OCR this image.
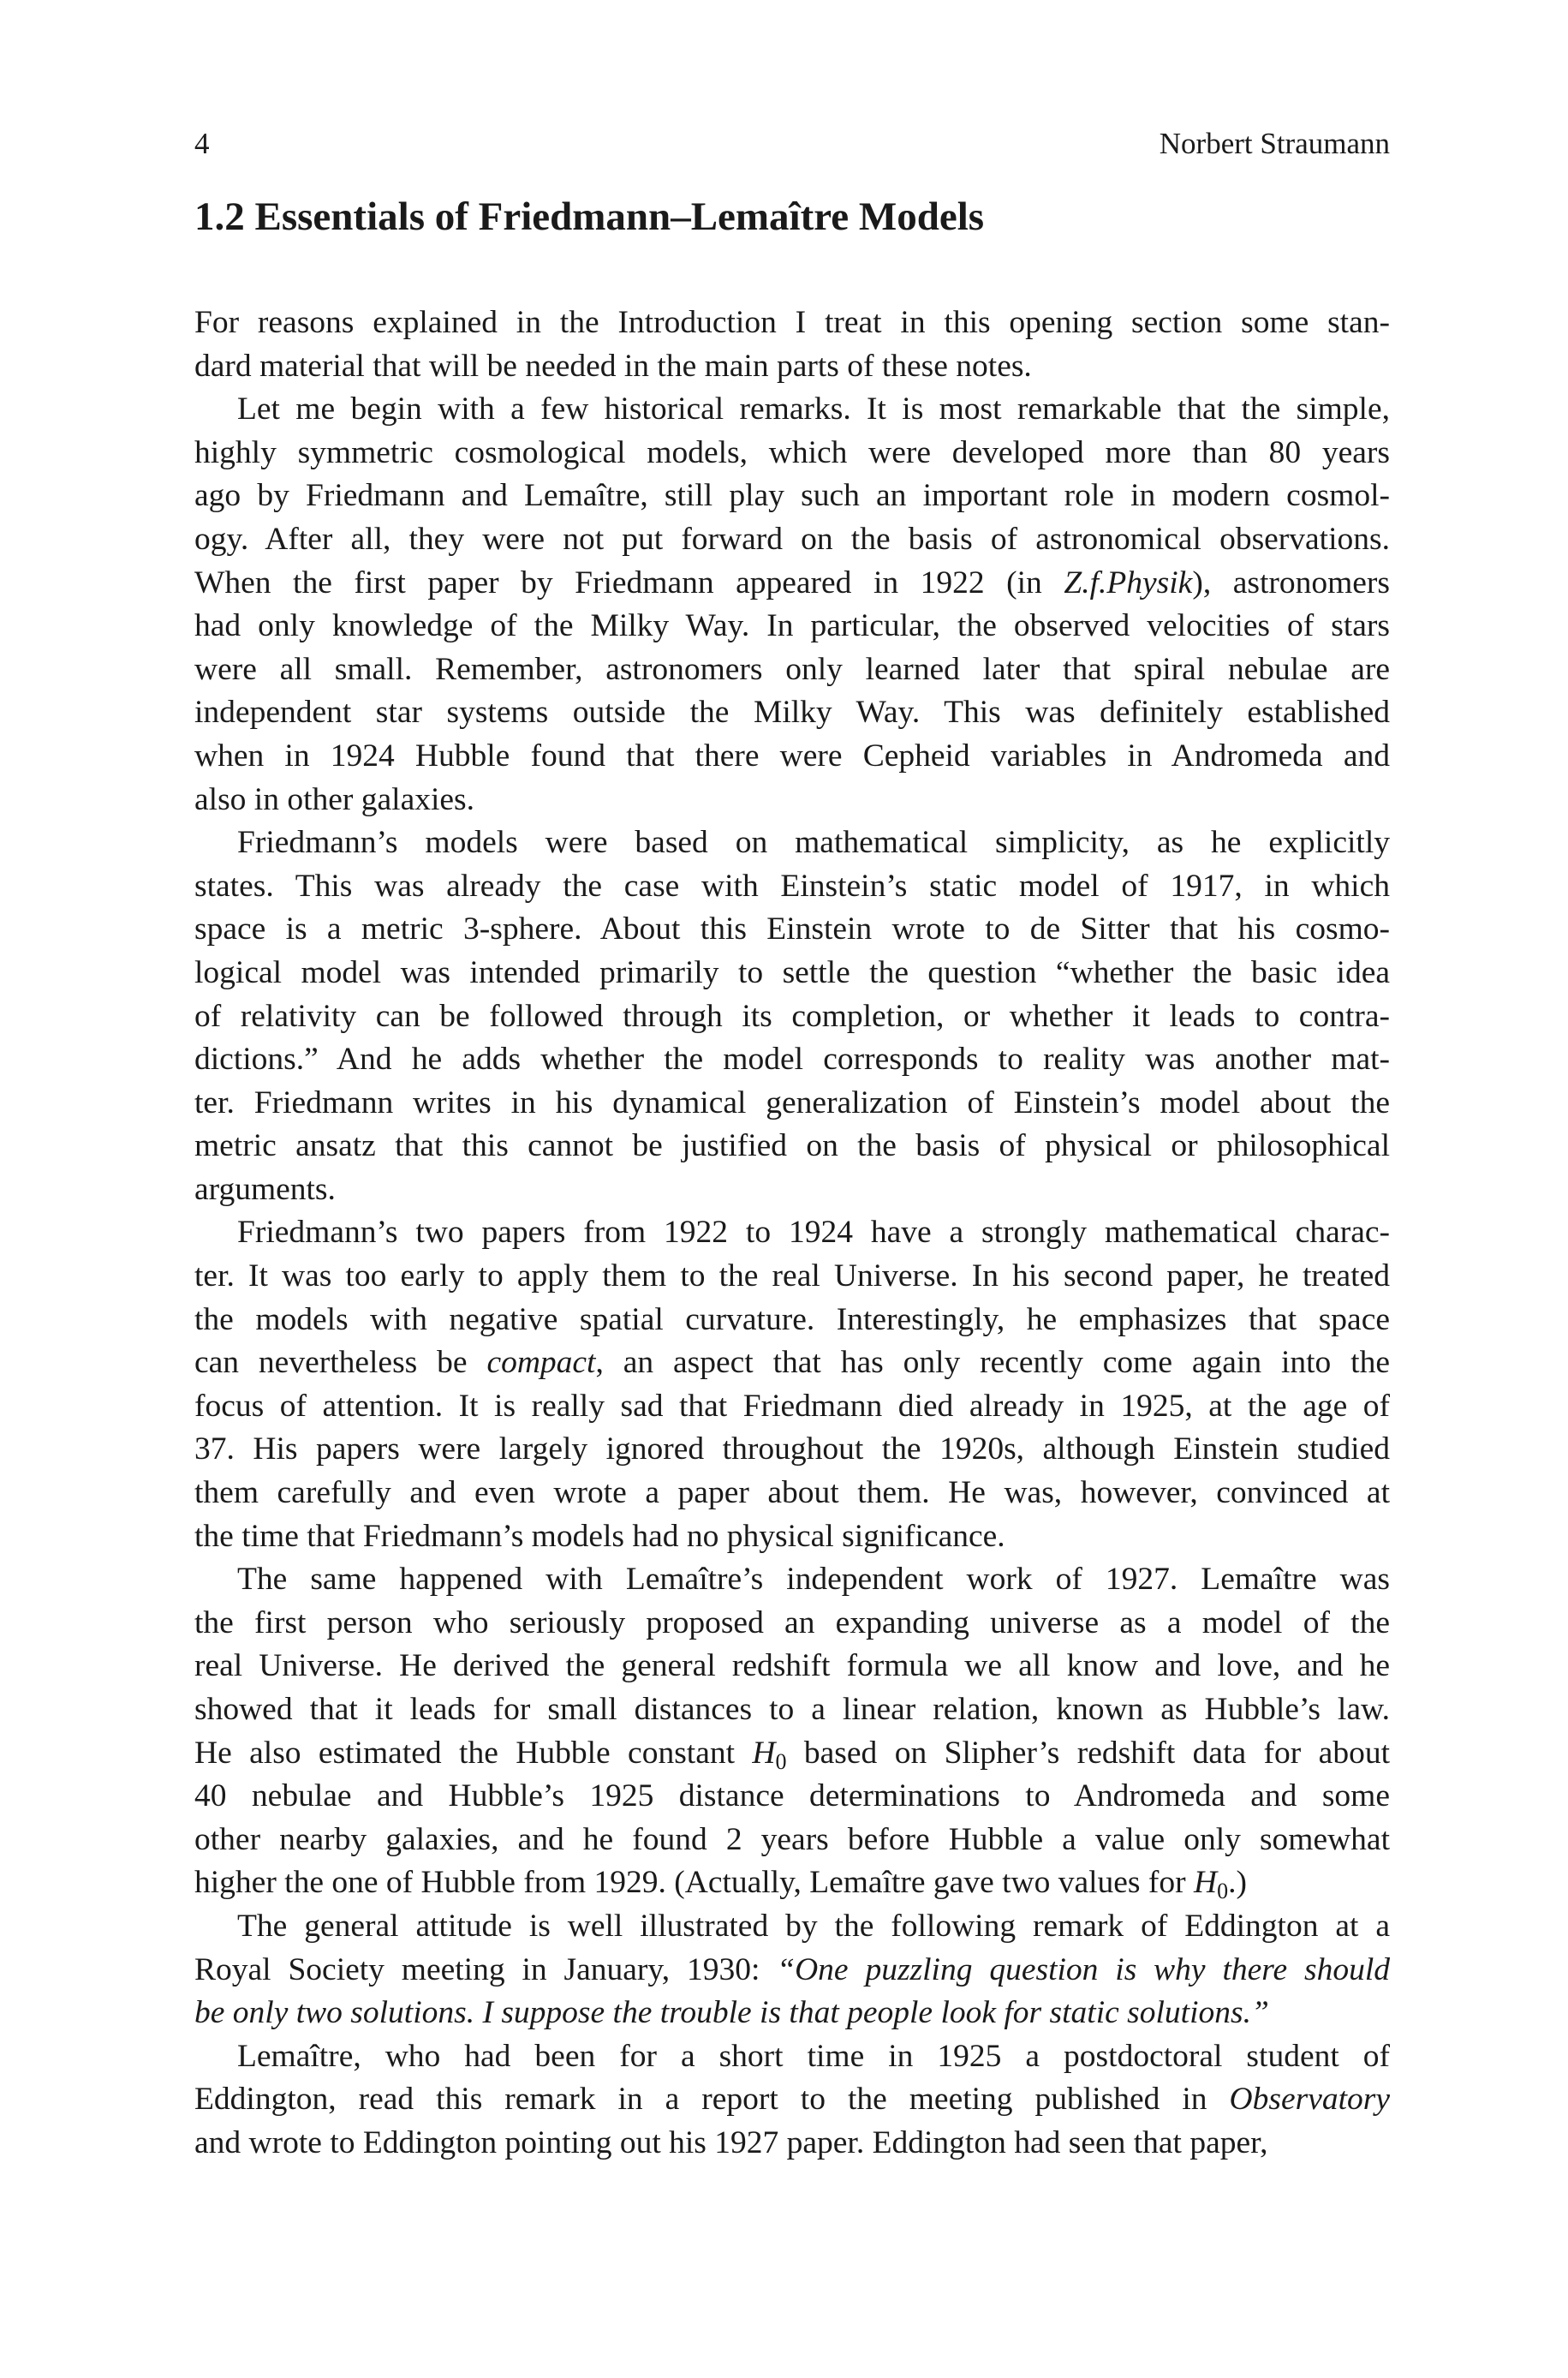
4	Norbert Straumann
1.2 Essentials of Friedmann–Lemaître Models
For reasons explained in the Introduction I treat in this opening section some stan-
dard material that will be needed in the main parts of these notes.
Let me begin with a few historical remarks. It is most remarkable that the simple,
highly symmetric cosmological models, which were developed more than 80 years
ago by Friedmann and Lemaître, still play such an important role in modern cosmol-
ogy. After all, they were not put forward on the basis of astronomical observations.
When the first paper by Friedmann appeared in 1922 (in Z.f.Physik), astronomers
had only knowledge of the Milky Way. In particular, the observed velocities of stars
were all small. Remember, astronomers only learned later that spiral nebulae are
independent star systems outside the Milky Way. This was definitely established
when in 1924 Hubble found that there were Cepheid variables in Andromeda and
also in other galaxies.
Friedmann’s models were based on mathematical simplicity, as he explicitly
states. This was already the case with Einstein’s static model of 1917, in which
space is a metric 3-sphere. About this Einstein wrote to de Sitter that his cosmo-
logical model was intended primarily to settle the question “whether the basic idea
of relativity can be followed through its completion, or whether it leads to contra-
dictions.” And he adds whether the model corresponds to reality was another mat-
ter. Friedmann writes in his dynamical generalization of Einstein’s model about the
metric ansatz that this cannot be justified on the basis of physical or philosophical
arguments.
Friedmann’s two papers from 1922 to 1924 have a strongly mathematical charac-
ter. It was too early to apply them to the real Universe. In his second paper, he treated
the models with negative spatial curvature. Interestingly, he emphasizes that space
can nevertheless be compact, an aspect that has only recently come again into the
focus of attention. It is really sad that Friedmann died already in 1925, at the age of
37. His papers were largely ignored throughout the 1920s, although Einstein studied
them carefully and even wrote a paper about them. He was, however, convinced at
the time that Friedmann’s models had no physical significance.
The same happened with Lemaître’s independent work of 1927. Lemaître was
the first person who seriously proposed an expanding universe as a model of the
real Universe. He derived the general redshift formula we all know and love, and he
showed that it leads for small distances to a linear relation, known as Hubble’s law.
He also estimated the Hubble constant $H_0$ based on Slipher’s redshift data for about
40 nebulae and Hubble’s 1925 distance determinations to Andromeda and some
other nearby galaxies, and he found 2 years before Hubble a value only somewhat
higher the one of Hubble from 1929. (Actually, Lemaître gave two values for $H_0$.)
The general attitude is well illustrated by the following remark of Eddington at a
Royal Society meeting in January, 1930: “One puzzling question is why there should
be only two solutions. I suppose the trouble is that people look for static solutions.”
Lemaître, who had been for a short time in 1925 a postdoctoral student of
Eddington, read this remark in a report to the meeting published in Observatory
and wrote to Eddington pointing out his 1927 paper. Eddington had seen that paper,
